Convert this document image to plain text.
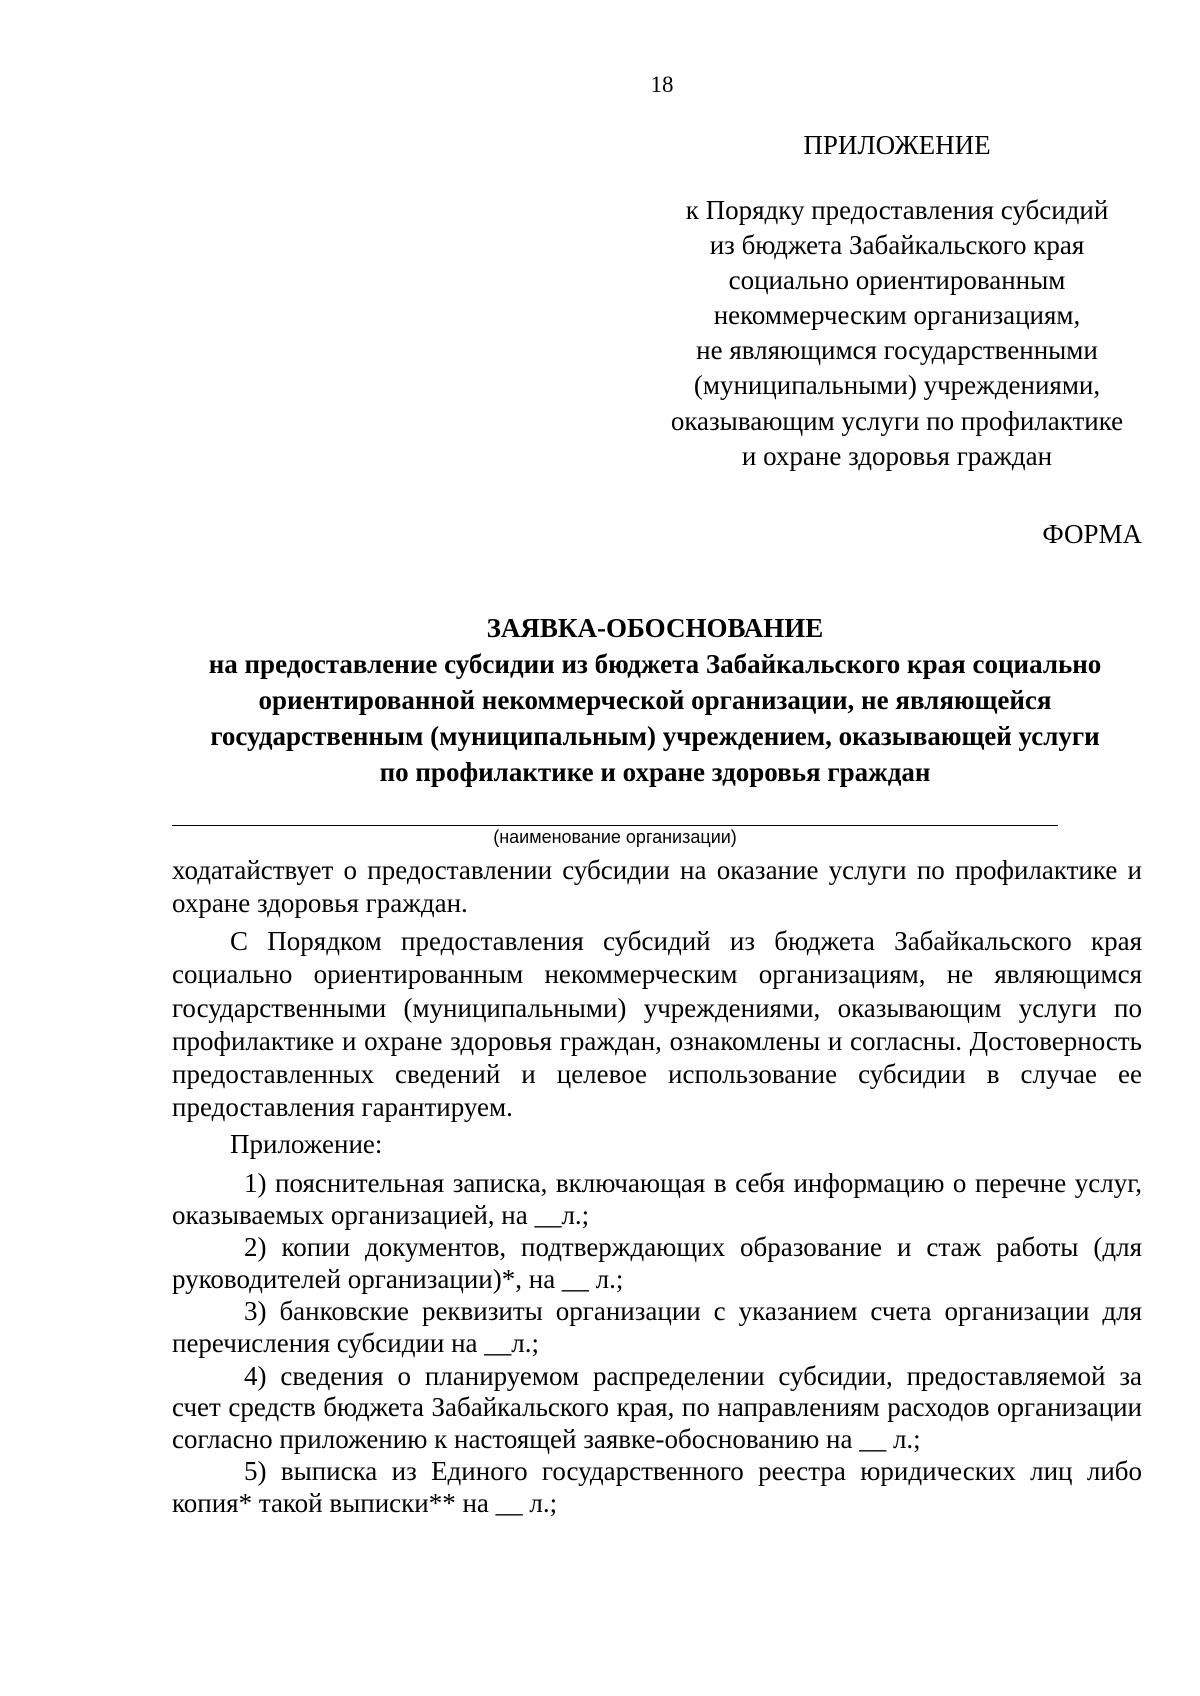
18
ПРИЛОЖЕНИЕ
к Порядку предоставления субсидий
из бюджета Забайкальского края
социально ориентированным
некоммерческим организациям,
не являющимся государственными
(муниципальными) учреждениями,
оказывающим услуги по профилактике
и охране здоровья граждан
ФОРМА

ЗАЯВКА-ОБОСНОВАНИЕ

на предоставление субсидии из бюджета Забайкальского края социально

ориентированной некоммерческой организации, не являющейся

государственным (муниципальным) учреждением, оказывающей услуги

по профилактике и охране здоровья граждан

(наименование организации)
ходатайствует о предоставлении субсидии на оказание услуги по профилактике и охране здоровья граждан.
С Порядком предоставления субсидий из бюджета Забайкальского края социально ориентированным некоммерческим организациям, не являющимся государственными (муниципальными) учреждениями, оказывающим услуги по профилактике и охране здоровья граждан, ознакомлены и согласны. Достоверность предоставленных сведений и целевое использование субсидии в случае ее предоставления гарантируем.
Приложение:

1) пояснительная записка, включающая в себя информацию о перечне услуг, оказываемых организацией, на __л.;

2) копии документов, подтверждающих образование и стаж работы (для руководителей организации)*, на __ л.;

3) банковские реквизиты организации с указанием счета организации для перечисления субсидии на __л.;

4) сведения о планируемом распределении субсидии, предоставляемой за счет средств бюджета Забайкальского края, по направлениям расходов организации согласно приложению к настоящей заявке-обоснованию на __ л.;

5) выписка из Единого государственного реестра юридических лиц либо копия* такой выписки** на __ л.;
